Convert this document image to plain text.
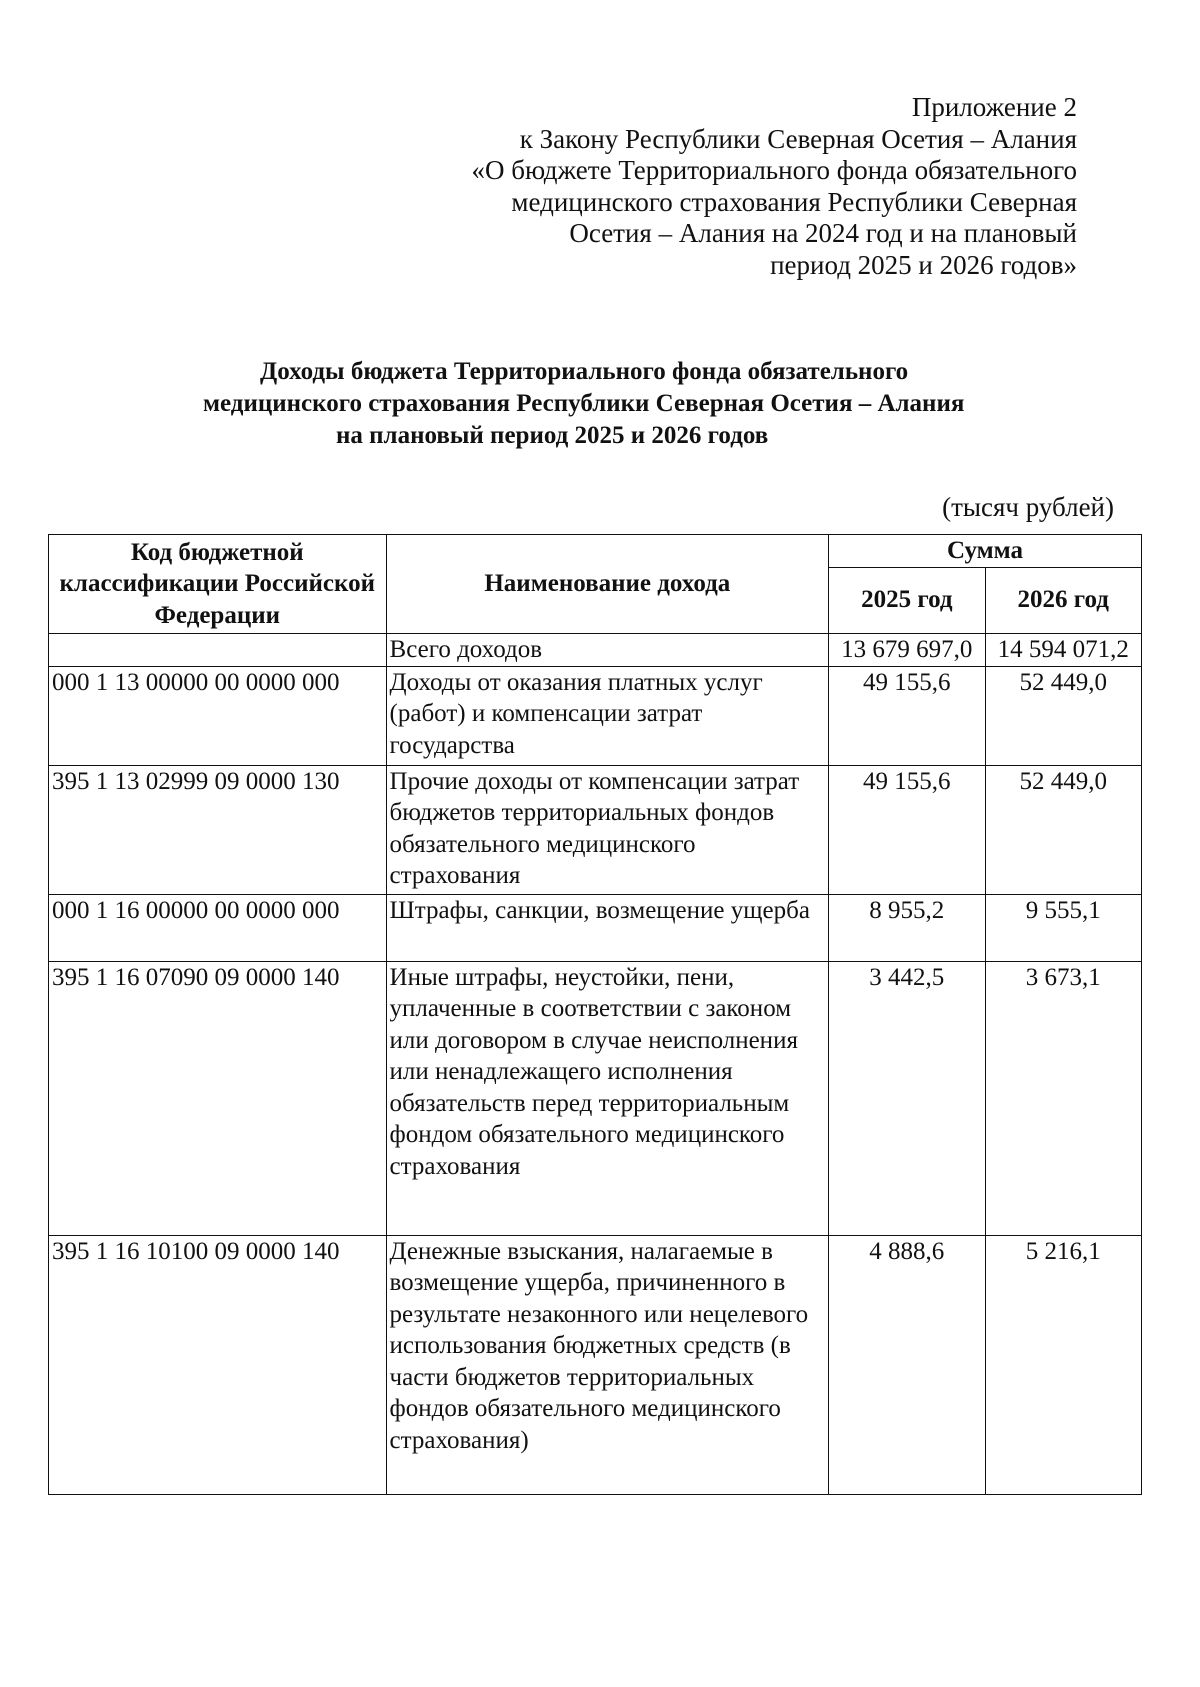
Приложение 2
к Закону Республики Северная Осетия – Алания
«О бюджете Территориального фонда обязательного
медицинского страхования Республики Северная
Осетия – Алания на 2024 год и на плановый
период 2025 и 2026 годов»
Доходы бюджета Территориального фонда обязательного
медицинского страхования Республики Северная Осетия – Алания
на плановый период 2025 и 2026 годов
(тысяч рублей)
Код бюджетной классификации Российской Федерации	Наименование дохода	Сумма	
		2025 год	2026 год
	Всего доходов	13 679 697,0	14 594 071,2
000 1 13 00000 00 0000 000	Доходы от оказания платных услуг (работ) и компенсации затрат государства	49 155,6	52 449,0
395 1 13 02999 09 0000 130	Прочие доходы от компенсации затрат бюджетов территориальных фондов обязательного медицинского страхования	49 155,6	52 449,0
000 1 16 00000 00 0000 000	Штрафы, санкции, возмещение ущерба	8 955,2	9 555,1
395 1 16 07090 09 0000 140	Иные штрафы, неустойки, пени, уплаченные в соответствии с законом или договором в случае неисполнения или ненадлежащего исполнения обязательств перед территориальным фондом обязательного медицинского страхования	3 442,5	3 673,1
395 1 16 10100 09 0000 140	Денежные взыскания, налагаемые в возмещение ущерба, причиненного в результате незаконного или нецелевого использования бюджетных средств (в части бюджетов территориальных фондов обязательного медицинского страхования)	4 888,6	5 216,1
